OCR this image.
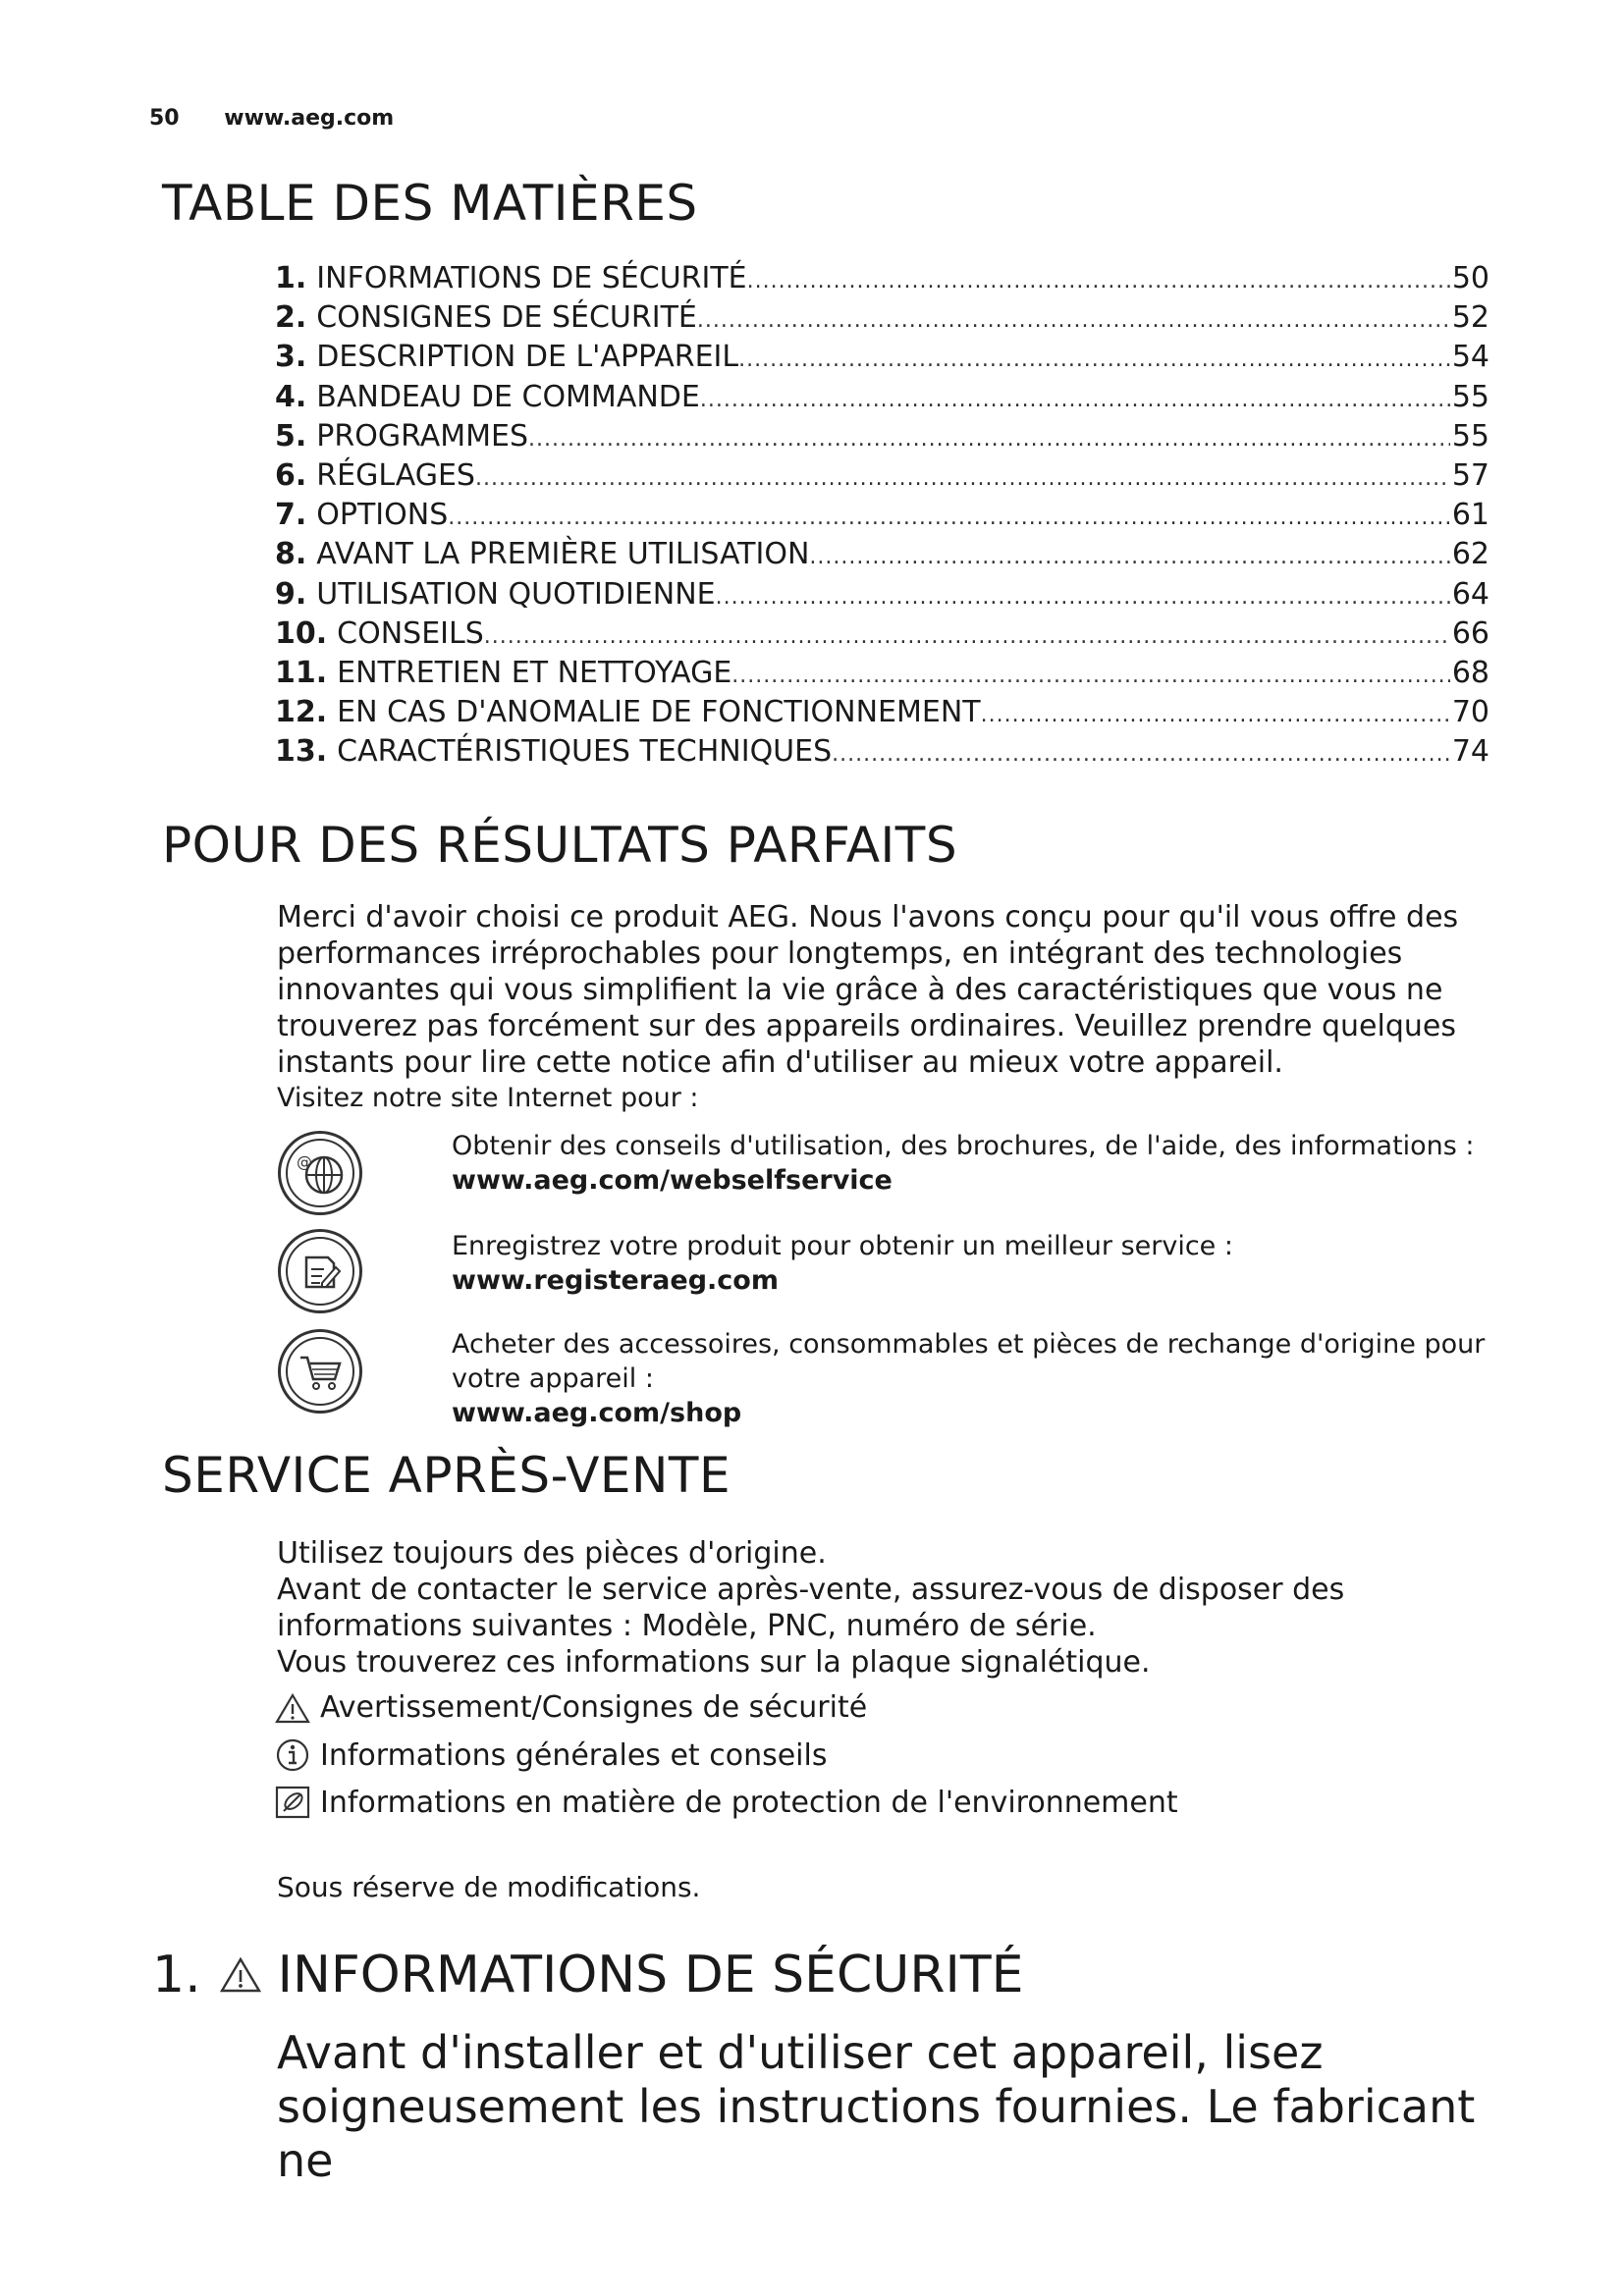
50 www.aeg.com
TABLE DES MATIÈRES
1. INFORMATIONS DE SÉCURITÉ .....	50
2. CONSIGNES DE SÉCURITÉ .....	52
3. DESCRIPTION DE L'APPAREIL .....	54
4. BANDEAU DE COMMANDE .....	55
5. PROGRAMMES .....	55
6. RÉGLAGES .....	57
7. OPTIONS .....	61
8. AVANT LA PREMIÈRE UTILISATION .....	62
9. UTILISATION QUOTIDIENNE .....	64
10. CONSEILS .....	66
11. ENTRETIEN ET NETTOYAGE .....	68
12. EN CAS D'ANOMALIE DE FONCTIONNEMENT .....	70
13. CARACTÉRISTIQUES TECHNIQUES .....	74
POUR DES RÉSULTATS PARFAITS
Merci d'avoir choisi ce produit AEG. Nous l'avons conçu pour qu'il vous offre des performances irréprochables pour longtemps, en intégrant des technologies innovantes qui vous simplifient la vie grâce à des caractéristiques que vous ne trouverez pas forcément sur des appareils ordinaires. Veuillez prendre quelques instants pour lire cette notice afin d'utiliser au mieux votre appareil.
Visitez notre site Internet pour :
@
Obtenir des conseils d'utilisation, des brochures, de l'aide, des informations :
www.aeg.com/webselfservice
Enregistrez votre produit pour obtenir un meilleur service :
www.registeraeg.com
Acheter des accessoires, consommables et pièces de rechange d'origine pour votre appareil :
www.aeg.com/shop
SERVICE APRÈS-VENTE
Utilisez toujours des pièces d'origine.
Avant de contacter le service après-vente, assurez-vous de disposer des informations suivantes : Modèle, PNC, numéro de série.
Vous trouverez ces informations sur la plaque signalétique.
Avertissement/Consignes de sécurité
Informations générales et conseils
Informations en matière de protection de l'environnement
Sous réserve de modifications.
1. INFORMATIONS DE SÉCURITÉ
Avant d'installer et d'utiliser cet appareil, lisez soigneusement les instructions fournies. Le fabricant ne
